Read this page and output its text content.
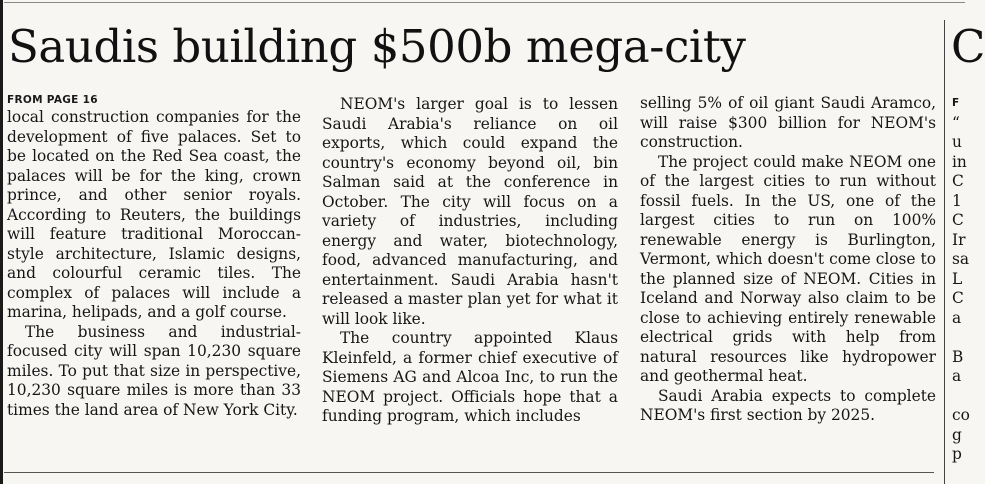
Saudis building $500b mega-city	C
FROM PAGE 16

local construction companies for the development of five palaces. Set to be located on the Red Sea coast, the palaces will be for the king, crown prince, and other senior royals. According to Reuters, the buildings will feature traditional Moroccan-style architecture, Islamic designs, and colourful ceramic tiles. The complex of palaces will include a marina, helipads, and a golf course.

The business and industrial-focused city will span 10,230 square miles. To put that size in perspective, 10,230 square miles is more than 33 times the land area of New York City.

NEOM's larger goal is to lessen Saudi Arabia's reliance on oil exports, which could expand the country's economy beyond oil, bin Salman said at the conference in October. The city will focus on a variety of industries, including energy and water, biotechnology, food, advanced manufacturing, and entertainment. Saudi Arabia hasn't released a master plan yet for what it will look like.

The country appointed Klaus Kleinfeld, a former chief executive of Siemens AG and Alcoa Inc, to run the NEOM project. Officials hope that a funding program, which includes

selling 5% of oil giant Saudi Aramco, will raise $300 billion for NEOM's construction.

The project could make NEOM one of the largest cities to run without fossil fuels. In the US, one of the largest cities to run on 100% renewable energy is Burlington, Vermont, which doesn't come close to the planned size of NEOM. Cities in Iceland and Norway also claim to be close to achieving entirely renewable electrical grids with help from natural resources like hydropower and geothermal heat.

Saudi Arabia expects to complete NEOM's first section by 2025.

F
“
u
in
C
1
C
Ir
sa
L
C
a
B
a
co
g
p
